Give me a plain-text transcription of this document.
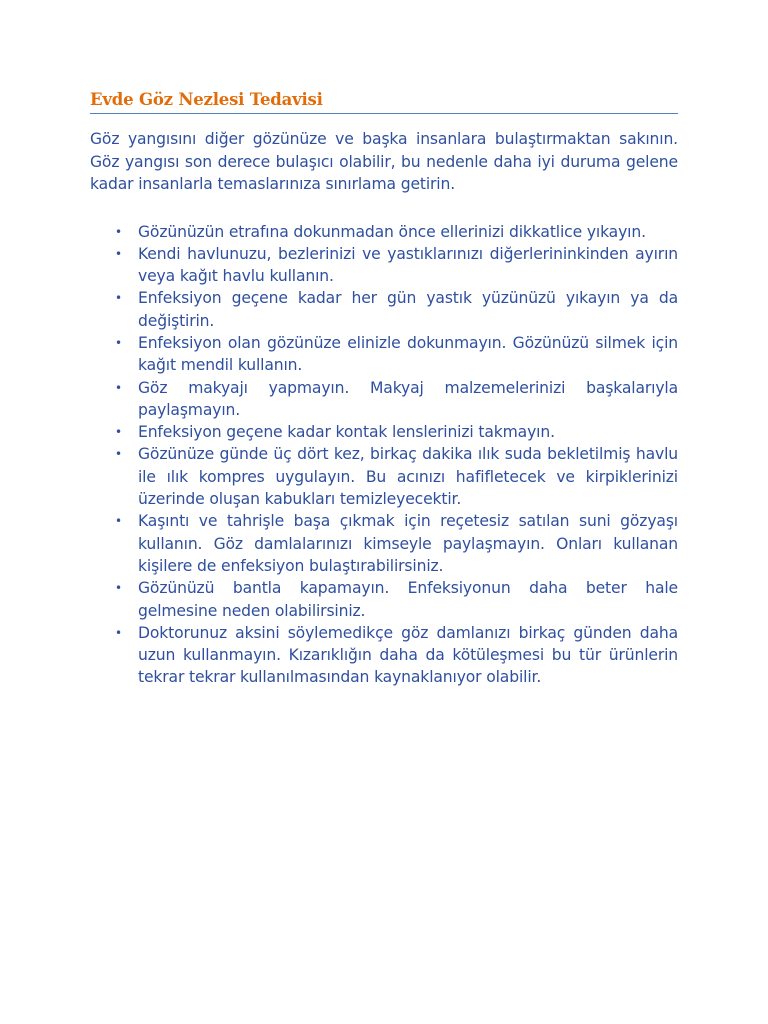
Evde Göz Nezlesi Tedavisi

Göz yangısını diğer gözünüze ve başka insanlara bulaştırmaktan sakının. Göz yangısı son derece bulaşıcı olabilir, bu nedenle daha iyi duruma gelene kadar insanlarla temaslarınıza sınırlama getirin.

• Gözünüzün etrafına dokunmadan önce ellerinizi dikkatlice yıkayın.
• Kendi havlunuzu, bezlerinizi ve yastıklarınızı diğerlerininkinden ayırın veya kağıt havlu kullanın.
• Enfeksiyon geçene kadar her gün yastık yüzünüzü yıkayın ya da değiştirin.
• Enfeksiyon olan gözünüze elinizle dokunmayın. Gözünüzü silmek için kağıt mendil kullanın.
• Göz makyajı yapmayın. Makyaj malzemelerinizi başkalarıyla paylaşmayın.
• Enfeksiyon geçene kadar kontak lenslerinizi takmayın.
• Gözünüze günde üç dört kez, birkaç dakika ılık suda bekletilmiş havlu ile ılık kompres uygulayın. Bu acınızı hafifletecek ve kirpiklerinizi üzerinde oluşan kabukları temizleyecektir.
• Kaşıntı ve tahrişle başa çıkmak için reçetesiz satılan suni gözyaşı kullanın. Göz damlalarınızı kimseyle paylaşmayın. Onları kullanan kişilere de enfeksiyon bulaştırabilirsiniz.
• Gözünüzü bantla kapamayın. Enfeksiyonun daha beter hale gelmesine neden olabilirsiniz.
• Doktorunuz aksini söylemedikçe göz damlanızı birkaç günden daha uzun kullanmayın. Kızarıklığın daha da kötüleşmesi bu tür ürünlerin tekrar tekrar kullanılmasından kaynaklanıyor olabilir.
